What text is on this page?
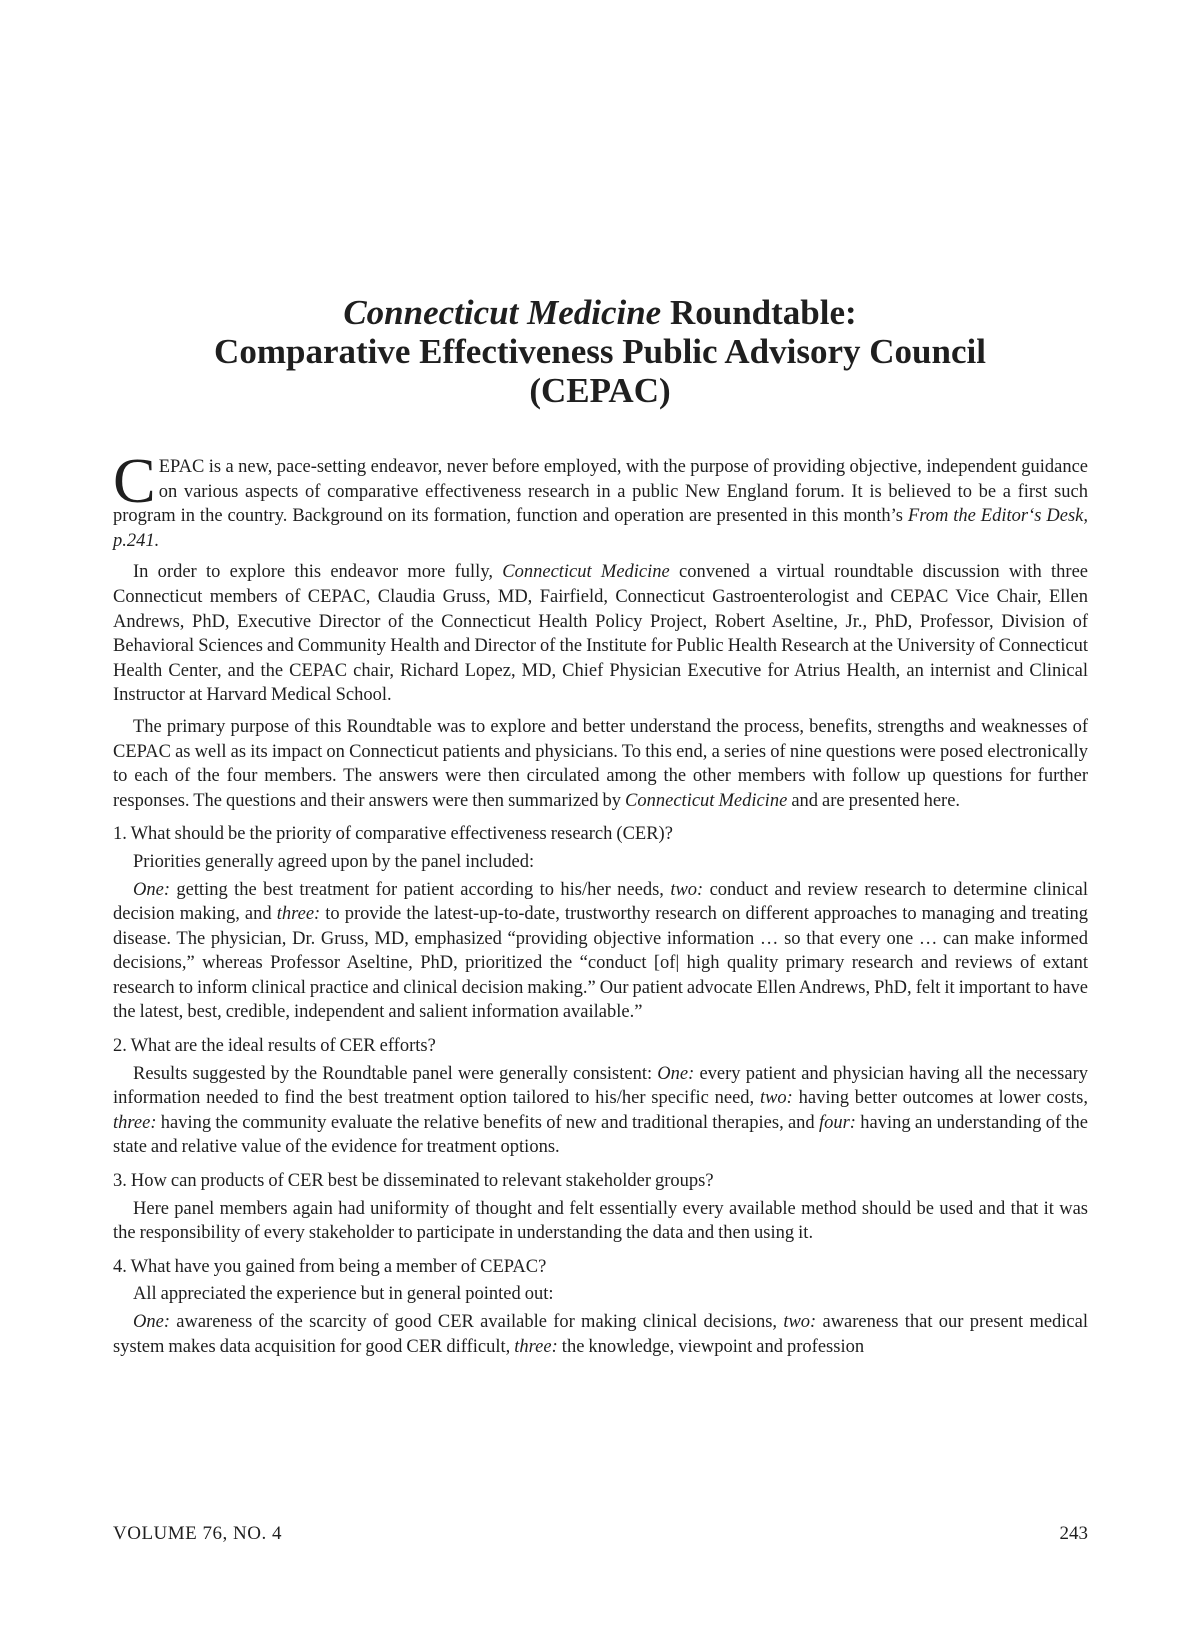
Connecticut Medicine Roundtable:
Comparative Effectiveness Public Advisory Council
(CEPAC)

CEPAC is a new, pace-setting endeavor, never before employed, with the purpose of providing objective, independent guidance on various aspects of comparative effectiveness research in a public New England forum. It is believed to be a first such program in the country. Background on its formation, function and operation are presented in this month’s From the Editor‘s Desk, p.241.

In order to explore this endeavor more fully, Connecticut Medicine convened a virtual roundtable discussion with three Connecticut members of CEPAC, Claudia Gruss, MD, Fairfield, Connecticut Gastroenterologist and CEPAC Vice Chair, Ellen Andrews, PhD, Executive Director of the Connecticut Health Policy Project, Robert Aseltine, Jr., PhD, Professor, Division of Behavioral Sciences and Community Health and Director of the Institute for Public Health Research at the University of Connecticut Health Center, and the CEPAC chair, Richard Lopez, MD, Chief Physician Executive for Atrius Health, an internist and Clinical Instructor at Harvard Medical School.

The primary purpose of this Roundtable was to explore and better understand the process, benefits, strengths and weaknesses of CEPAC as well as its impact on Connecticut patients and physicians. To this end, a series of nine questions were posed electronically to each of the four members. The answers were then circulated among the other members with follow up questions for further responses. The questions and their answers were then summarized by Connecticut Medicine and are presented here.

1. What should be the priority of comparative effectiveness research (CER)?

Priorities generally agreed upon by the panel included:

One: getting the best treatment for patient according to his/her needs, two: conduct and review research to determine clinical decision making, and three: to provide the latest-up-to-date, trustworthy research on different approaches to managing and treating disease. The physician, Dr. Gruss, MD, emphasized “providing objective information … so that every one … can make informed decisions,” whereas Professor Aseltine, PhD, prioritized the “conduct [of| high quality primary research and reviews of extant research to inform clinical practice and clinical decision making.” Our patient advocate Ellen Andrews, PhD, felt it important to have the latest, best, credible, independent and salient information available.”

2. What are the ideal results of CER efforts?

Results suggested by the Roundtable panel were generally consistent: One: every patient and physician having all the necessary information needed to find the best treatment option tailored to his/her specific need, two: having better outcomes at lower costs, three: having the community evaluate the relative benefits of new and traditional therapies, and four: having an understanding of the state and relative value of the evidence for treatment options.

3. How can products of CER best be disseminated to relevant stakeholder groups?

Here panel members again had uniformity of thought and felt essentially every available method should be used and that it was the responsibility of every stakeholder to participate in understanding the data and then using it.

4. What have you gained from being a member of CEPAC?

All appreciated the experience but in general pointed out:

One: awareness of the scarcity of good CER available for making clinical decisions, two: awareness that our present medical system makes data acquisition for good CER difficult, three: the knowledge, viewpoint and profession

VOLUME 76, NO. 4	243
